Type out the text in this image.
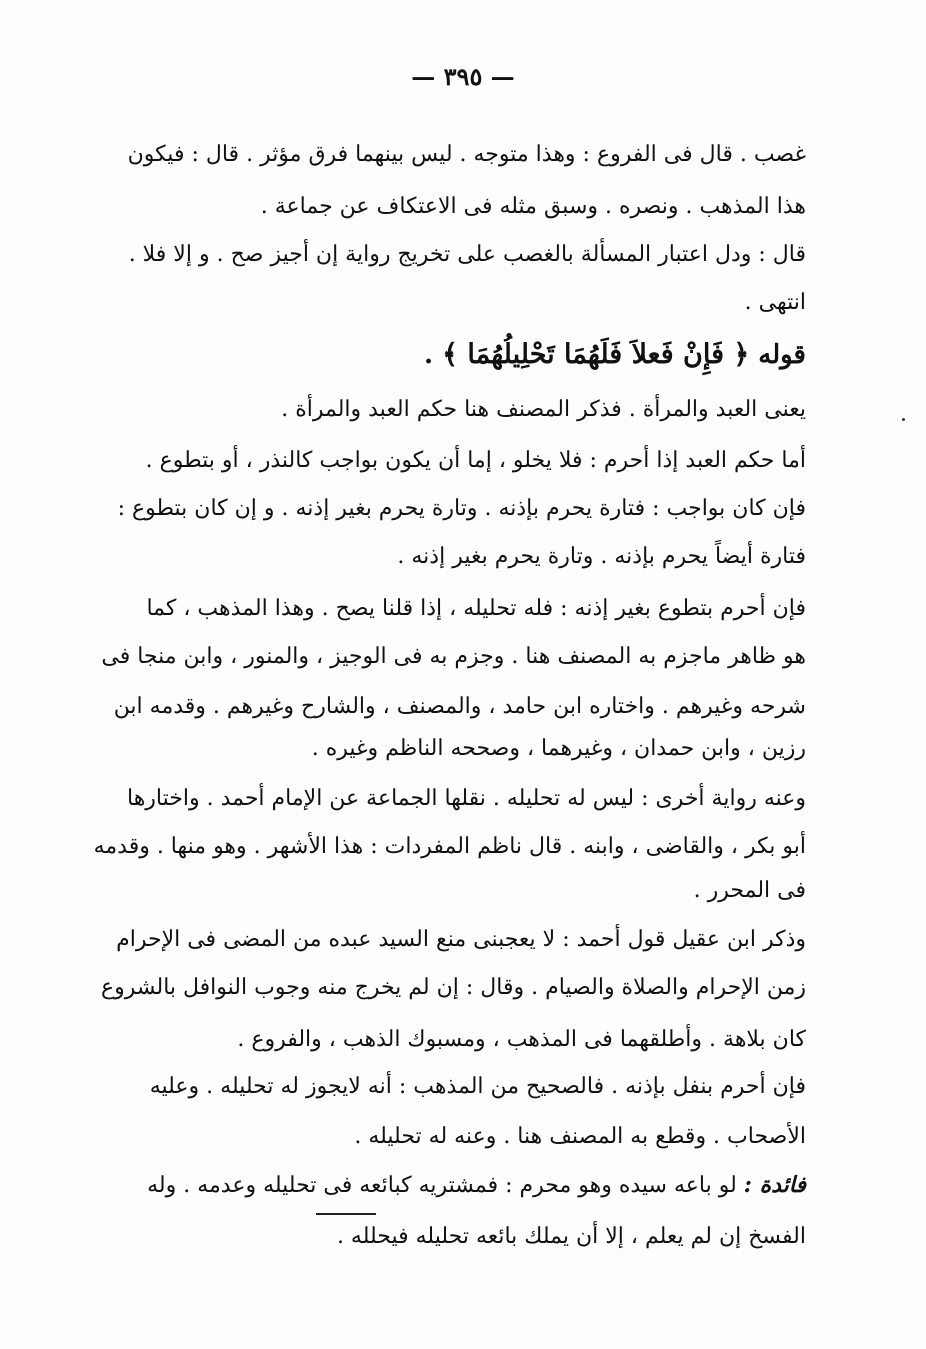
— ٣٩٥ —
غصب . قال فى الفروع : وهذا متوجه . ليس بينهما فرق مؤثر . قال : فيكون
هذا المذهب . ونصره . وسبق مثله فى الاعتكاف عن جماعة .
قال : ودل اعتبار المسألة بالغصب على تخريج رواية إن أجيز صح . و إلا فلا .
انتهى .
قوله ﴿ فَإِنْ فَعلاَ فَلَهُمَا تَحْلِيلُهُمَا ﴾ .
يعنى العبد والمرأة . فذكر المصنف هنا حكم العبد والمرأة .
أما حكم العبد إذا أحرم : فلا يخلو ، إما أن يكون بواجب كالنذر ، أو بتطوع .
فإن كان بواجب : فتارة يحرم بإذنه . وتارة يحرم بغير إذنه . و إن كان بتطوع :
فتارة أيضاً يحرم بإذنه . وتارة يحرم بغير إذنه .
فإن أحرم بتطوع بغير إذنه : فله تحليله ، إذا قلنا يصح . وهذا المذهب ، كما
هو ظاهر ماجزم به المصنف هنا . وجزم به فى الوجيز ، والمنور ، وابن منجا فى
شرحه وغيرهم . واختاره ابن حامد ، والمصنف ، والشارح وغيرهم . وقدمه ابن
رزين ، وابن حمدان ، وغيرهما ، وصححه الناظم وغيره .
وعنه رواية أخرى : ليس له تحليله . نقلها الجماعة عن الإمام أحمد . واختارها
أبو بكر ، والقاضى ، وابنه . قال ناظم المفردات : هذا الأشهر . وهو منها . وقدمه
فى المحرر .
وذكر ابن عقيل قول أحمد : لا يعجبنى منع السيد عبده من المضى فى الإحرام
زمن الإحرام والصلاة والصيام . وقال : إن لم يخرج منه وجوب النوافل بالشروع
كان بلاهة . وأطلقهما فى المذهب ، ومسبوك الذهب ، والفروع .
فإن أحرم بنفل بإذنه . فالصحيح من المذهب : أنه لايجوز له تحليله . وعليه
الأصحاب . وقطع به المصنف هنا . وعنه له تحليله .
فائدة : لو باعه سيده وهو محرم : فمشتريه كبائعه فى تحليله وعدمه . وله
الفسخ إن لم يعلم ، إلا أن يملك بائعه تحليله فيحلله .
